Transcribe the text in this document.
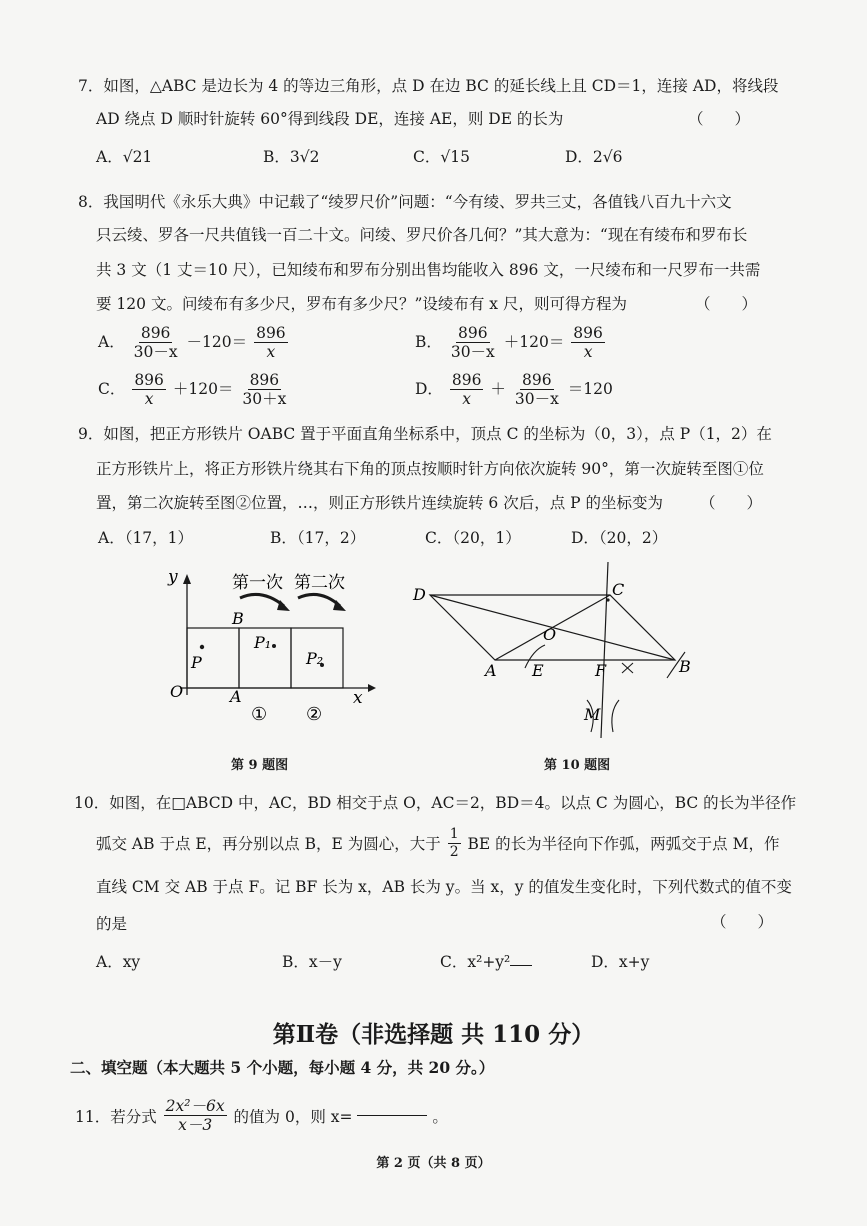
7．如图，△ABC 是边长为 4 的等边三角形，点 D 在边 BC 的延长线上且 CD＝1，连接 AD，将线段
AD 绕点 D 顺时针旋转 60°得到线段 DE，连接 AE，则 DE 的长为	（　　）
A．√21	B．3√2	C．√15	D．2√6
8．我国明代《永乐大典》中记载了“绫罗尺价”问题：“今有绫、罗共三丈，各值钱八百九十六文
只云绫、罗各一尺共值钱一百二十文。问绫、罗尺价各几何？”其大意为：“现在有绫布和罗布长
共 3 文（1 丈＝10 尺），已知绫布和罗布分别出售均能收入 896 文，一尺绫布和一尺罗布一共需
要 120 文。问绫布有多少尺，罗布有多少尺？”设绫布有 x 尺，则可得方程为	（　　）
A． $\frac{896}{30-x} -120= \frac{896}{x}$	B． $\frac{896}{30-x} +120= \frac{896}{x}$
C． $\frac{896}{x} +120= \frac{896}{30+x}$	D． $\frac{896}{x} + \frac{896}{30-x} =120$
9．如图，把正方形铁片 OABC 置于平面直角坐标系中，顶点 C 的坐标为（0，3），点 P（1，2）在
正方形铁片上，将正方形铁片绕其右下角的顶点按顺时针方向依次旋转 90°，第一次旋转至图①位
置，第二次旋转至图②位置，…，则正方形铁片连续旋转 6 次后，点 P 的坐标变为 （　　）
A．（17，1）	B．（17，2）	C．（20，1）	D．（20，2）
y
x
O	A
B
P
P₁
P₂
第一次 第二次
① ②
第 9 题图
D	C
O
A E	F	B
M
第 10 题图
10．如图，在□ABCD 中，AC，BD 相交于点 O，AC＝2，BD＝4。以点 C 为圆心，BC 的长为半径作
弧交 AB 于点 E，再分别以点 B，E 为圆心，大于 $\frac{1}{2}$ BE 的长为半径向下作弧，两弧交于点 M，作
直线 CM 交 AB 于点 F。记 BF 长为 x，AB 长为 y。当 x，y 的值发生变化时，下列代数式的值不变
的是	（　　）
A．xy	B．x－y	C．x²+y²	D．x+y
第Ⅱ卷（非选择题 共 110 分）
二、填空题（本大题共 5 个小题，每小题 4 分，共 20 分。）
11．若分式 $\frac{\text{2x²－6x}}{x-3}$ 的值为 0，则 x=	。
第 2 页（共 8 页）
